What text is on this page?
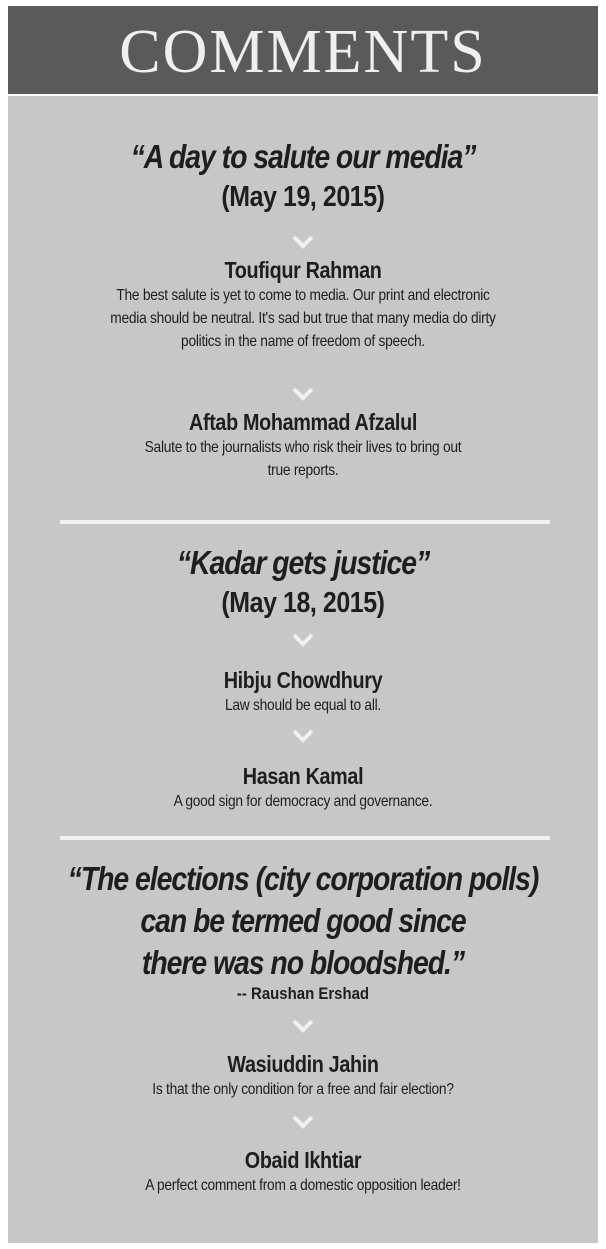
COMMENTS
“A day to salute our media”
(May 19, 2015)
Toufiqur Rahman
The best salute is yet to come to media. Our print and electronic
media should be neutral. It's sad but true that many media do dirty
politics in the name of freedom of speech.
Aftab Mohammad Afzalul
Salute to the journalists who risk their lives to bring out
true reports.
“Kadar gets justice”
(May 18, 2015)
Hibju Chowdhury
Law should be equal to all.
Hasan Kamal
A good sign for democracy and governance.
“The elections (city corporation polls)
can be termed good since
there was no bloodshed.”
-- Raushan Ershad
Wasiuddin Jahin
Is that the only condition for a free and fair election?
Obaid Ikhtiar
A perfect comment from a domestic opposition leader!
